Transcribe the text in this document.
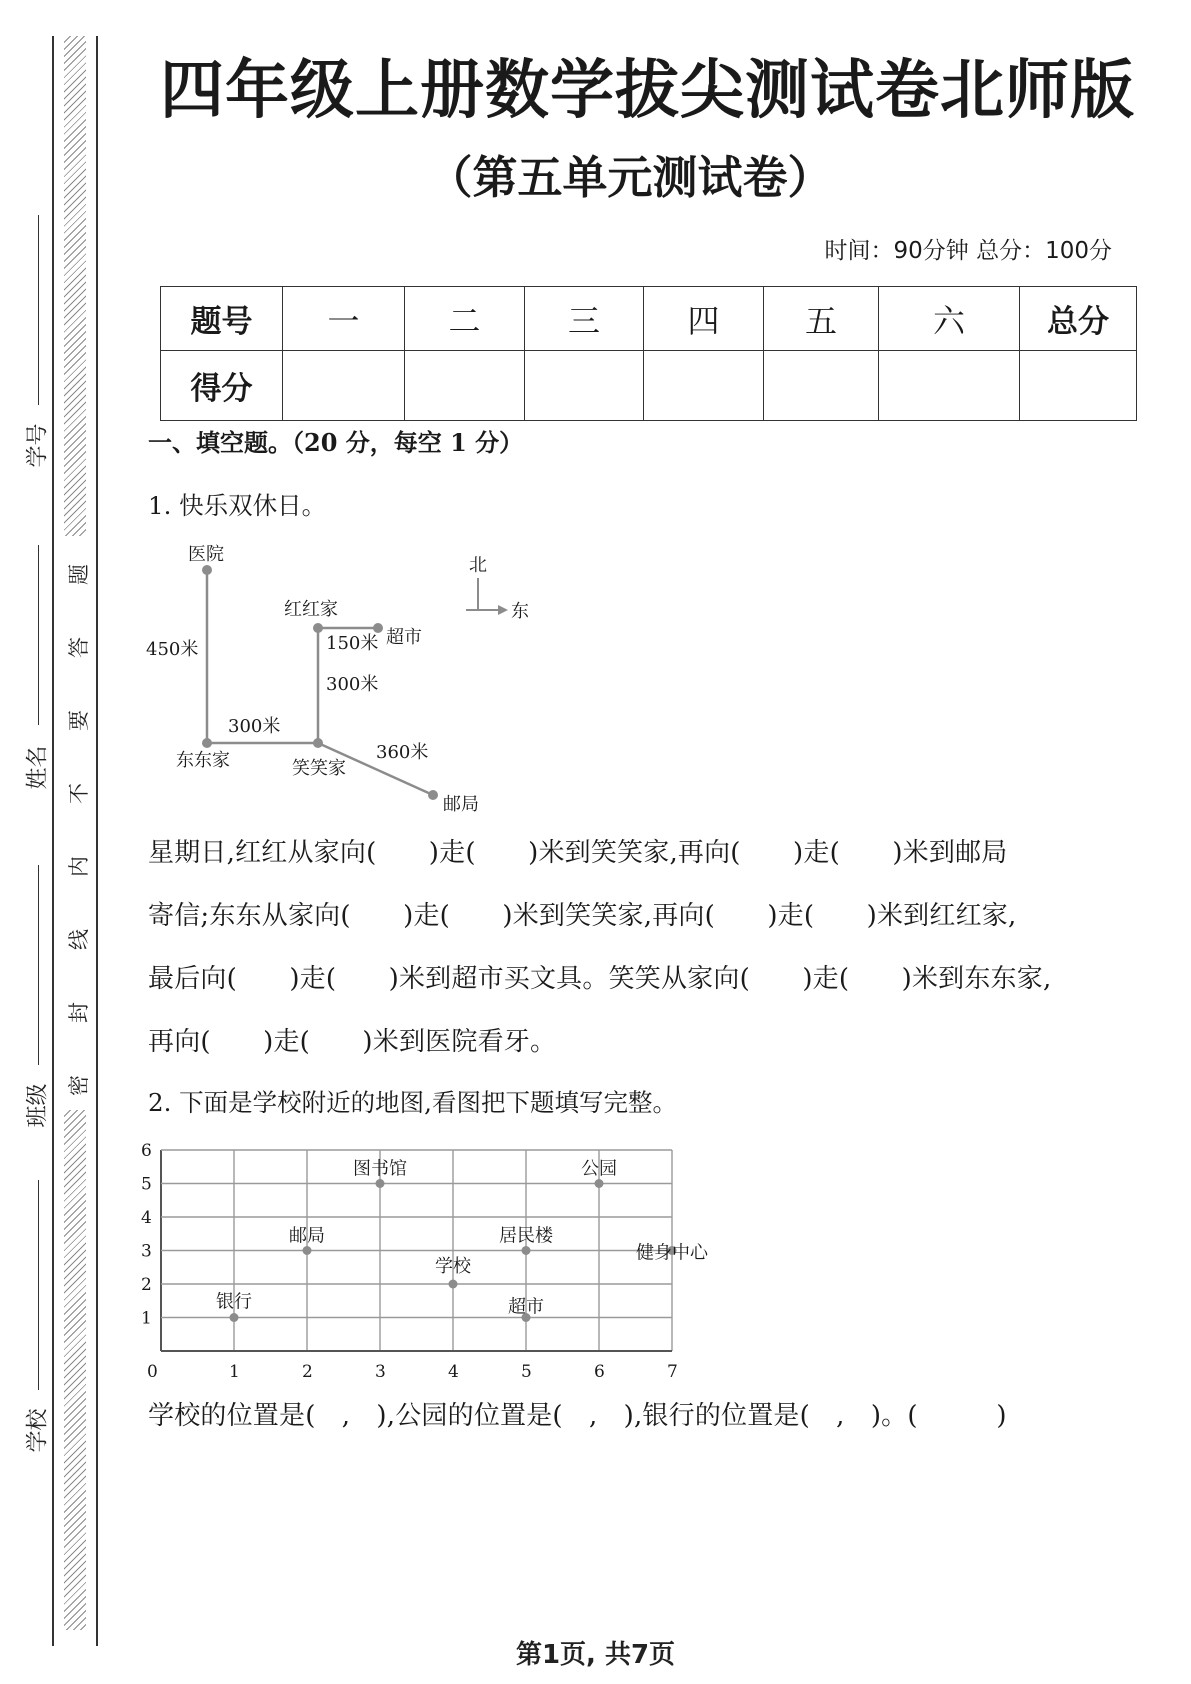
题
答
要
不
内
线
封
密
学号
姓名
班级
学校
四年级上册数学拔尖测试卷北师版
（第五单元测试卷）
时间：90分钟 总分：100分
题号	一	二	三	四	五	六	总分
得分							
一、填空题。（20 分，每空 1 分）
1. 快乐双休日。
医院
红红家
超市
东东家	笑笑家
邮局
450米	150米
300米
300米
360米
北
东
星期日,红红从家向(　　)走(　　)米到笑笑家,再向(　　)走(　　)米到邮局
寄信;东东从家向(　　)走(　　)米到笑笑家,再向(　　)走(　　)米到红红家,
最后向(　　)走(　　)米到超市买文具。笑笑从家向(　　)走(　　)米到东东家,
再向(　　)走(　　)米到医院看牙。
2. 下面是学校附近的地图,看图把下题填写完整。
0	1	2	3	4	5	6	7
1
2
3
4
5
6
图书馆	公园
邮局	居民楼
学校
健身中心
银行	超市
学校的位置是(　,　),公园的位置是(　,　),银行的位置是(　,　)。(　　　)
第1页, 共7页
